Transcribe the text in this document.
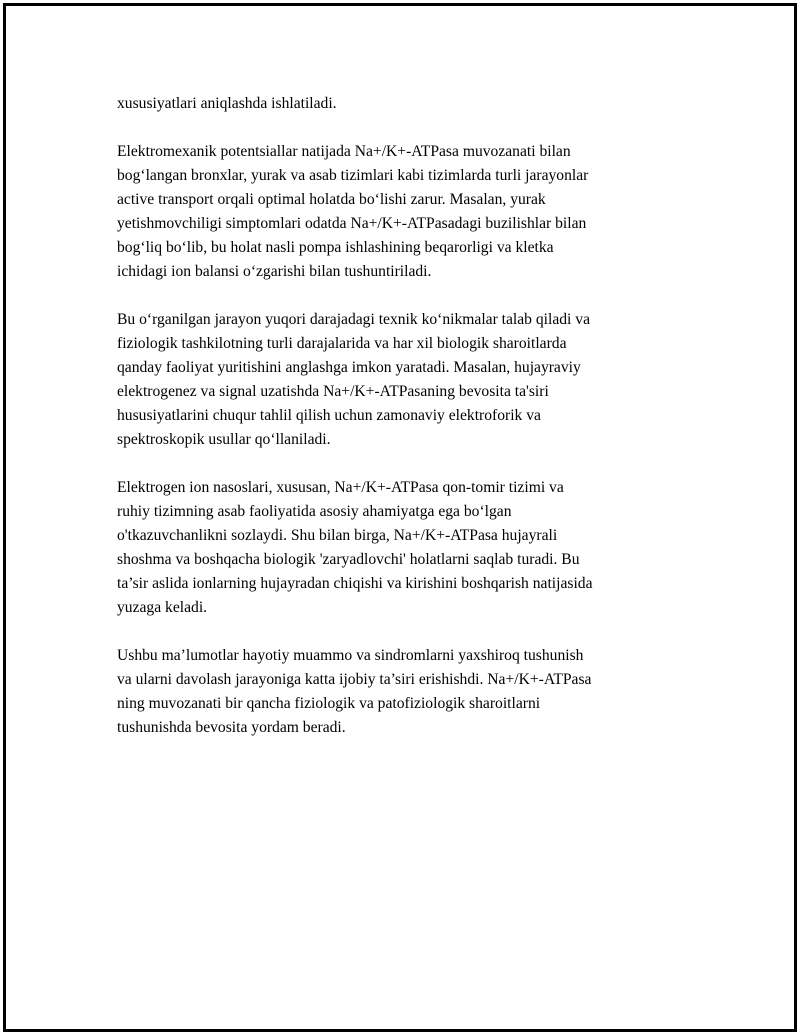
xususiyatlari aniqlashda ishlatiladi.

Elektromexanik potentsiallar natijada Na+/K+-ATPasa muvozanati bilan
bog‘langan bronxlar, yurak va asab tizimlari kabi tizimlarda turli jarayonlar
active transport orqali optimal holatda bo‘lishi zarur. Masalan, yurak
yetishmovchiligi simptomlari odatda Na+/K+-ATPasadagi buzilishlar bilan
bog‘liq bo‘lib, bu holat nasli pompa ishlashining beqarorligi va kletka
ichidagi ion balansi o‘zgarishi bilan tushuntiriladi.

Bu o‘rganilgan jarayon yuqori darajadagi texnik ko‘nikmalar talab qiladi va
fiziologik tashkilotning turli darajalarida va har xil biologik sharoitlarda
qanday faoliyat yuritishini anglashga imkon yaratadi. Masalan, hujayraviy
elektrogenez va signal uzatishda Na+/K+-ATPasaning bevosita ta'siri
hususiyatlarini chuqur tahlil qilish uchun zamonaviy elektroforik va
spektroskopik usullar qo‘llaniladi.

Elektrogen ion nasoslari, xususan, Na+/K+-ATPasa qon-tomir tizimi va
ruhiy tizimning asab faoliyatida asosiy ahamiyatga ega bo‘lgan
o'tkazuvchanlikni sozlaydi. Shu bilan birga, Na+/K+-ATPasa hujayrali
shoshma va boshqacha biologik 'zaryadlovchi' holatlarni saqlab turadi. Bu
ta’sir aslida ionlarning hujayradan chiqishi va kirishini boshqarish natijasida
yuzaga keladi.

Ushbu ma’lumotlar hayotiy muammo va sindromlarni yaxshiroq tushunish
va ularni davolash jarayoniga katta ijobiy ta’siri erishishdi. Na+/K+-ATPasa
ning muvozanati bir qancha fiziologik va patofiziologik sharoitlarni
tushunishda bevosita yordam beradi.
